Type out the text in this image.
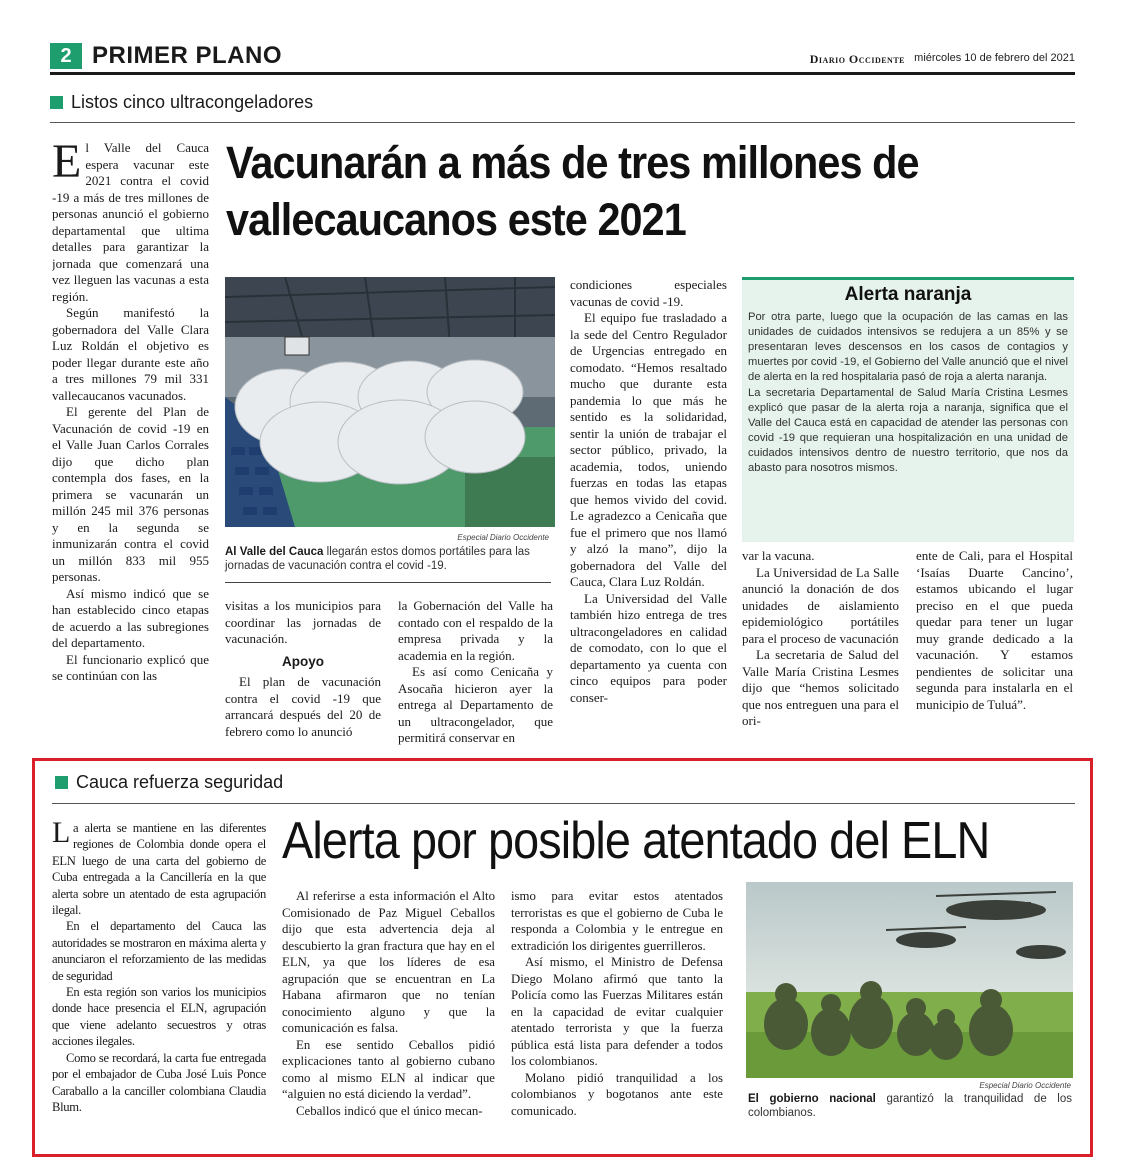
2 PRIMER PLANO	Diario Occidente miércoles 10 de febrero del 2021
Listos cinco ultracongeladores
E l Valle del Cauca espera vacunar este 2021 contra el covid -19 a más de tres millones de personas anunció el gobierno departamental que ultima detalles para garantizar la jornada que comenzará una vez lleguen las vacunas a esta región.

Según manifestó la gobernadora del Valle Clara Luz Roldán el objetivo es poder llegar durante este año a tres millones 79 mil 331 vallecaucanos vacunados.

El gerente del Plan de Vacunación de covid -19 en el Valle Juan Carlos Corrales dijo que dicho plan contempla dos fases, en la primera se vacunarán un millón 245 mil 376 personas y en la segunda se inmunizarán contra el covid un millón 833 mil 955 personas.

Así mismo indicó que se han establecido cinco etapas de acuerdo a las subregiones del departamento.

El funcionario explicó que se continúan con las

Vacunarán a más de tres millones de vallecaucanos este 2021
Especial Diario Occidente
Al Valle del Cauca llegarán estos domos portátiles para las jornadas de vacunación contra el covid -19.

visitas a los municipios para coordinar las jornadas de vacunación.

Apoyo

El plan de vacunación contra el covid -19 que arrancará después del 20 de febrero como lo anunció

la Gobernación del Valle ha contado con el respaldo de la empresa privada y la academia en la región.

Es así como Cenicaña y Asocaña hicieron ayer la entrega al Departamento de un ultracongelador, que permitirá conservar en

condiciones especiales vacunas de covid -19.

El equipo fue trasladado a la sede del Centro Regulador de Urgencias entregado en comodato. “Hemos resaltado mucho que durante esta pandemia lo que más he sentido es la solidaridad, sentir la unión de trabajar el sector público, privado, la academia, todos, uniendo fuerzas en todas las etapas que hemos vivido del covid. Le agradezco a Cenicaña que fue el primero que nos llamó y alzó la mano”, dijo la gobernadora del Valle del Cauca, Clara Luz Roldán.

La Universidad del Valle también hizo entrega de tres ultracongeladores en calidad de comodato, con lo que el departamento ya cuenta con cinco equipos para poder conser-

Alerta naranja
Por otra parte, luego que la ocupación de las camas en las unidades de cuidados intensivos se redujera a un 85% y se presentaran leves descensos en los casos de contagios y muertes por covid -19, el Gobierno del Valle anunció que el nivel de alerta en la red hospitalaria pasó de roja a alerta naranja.
La secretaria Departamental de Salud María Cristina Lesmes explicó que pasar de la alerta roja a naranja, significa que el Valle del Cauca está en capacidad de atender las personas con covid -19 que requieran una hospitalización en una unidad de cuidados intensivos dentro de nuestro territorio, que nos da abasto para nosotros mismos.

var la vacuna.

La Universidad de La Salle anunció la donación de dos unidades de aislamiento epidemiológico portátiles para el proceso de vacunación

La secretaria de Salud del Valle María Cristina Lesmes dijo que “hemos solicitado que nos entreguen una para el ori-

ente de Cali, para el Hospital ‘Isaías Duarte Cancino’, estamos ubicando el lugar preciso en el que pueda quedar para tener un lugar muy grande dedicado a la vacunación. Y estamos pendientes de solicitar una segunda para instalarla en el municipio de Tuluá”.

Cauca refuerza seguridad
L a alerta se mantiene en las diferentes regiones de Colombia donde opera el ELN luego de una carta del gobierno de Cuba entregada a la Cancillería en la que alerta sobre un atentado de esta agrupación ilegal.

En el departamento del Cauca las autoridades se mostraron en máxima alerta y anunciaron el reforzamiento de las medidas de seguridad

En esta región son varios los municipios donde hace presencia el ELN, agrupación que viene adelanto secuestros y otras acciones ilegales.

Como se recordará, la carta fue entregada por el embajador de Cuba José Luis Ponce Caraballo a la canciller colombiana Claudia Blum.

Alerta por posible atentado del ELN

Al referirse a esta información el Alto Comisionado de Paz Miguel Ceballos dijo que esta advertencia deja al descubierto la gran fractura que hay en el ELN, ya que los líderes de esa agrupación que se encuentran en La Habana afirmaron que no tenían conocimiento alguno y que la comunicación es falsa.

En ese sentido Ceballos pidió explicaciones tanto al gobierno cubano como al mismo ELN al indicar que “alguien no está diciendo la verdad”.

Ceballos indicó que el único mecan-

ismo para evitar estos atentados terroristas es que el gobierno de Cuba le responda a Colombia y le entregue en extradición los dirigentes guerrilleros.

Así mismo, el Ministro de Defensa Diego Molano afirmó que tanto la Policía como las Fuerzas Militares están en la capacidad de evitar cualquier atentado terrorista y que la fuerza pública está lista para defender a todos los colombianos.

Molano pidió tranquilidad a los colombianos y bogotanos ante este comunicado.

Especial Diario Occidente
El gobierno nacional garantizó la tranquilidad de los colombianos.
